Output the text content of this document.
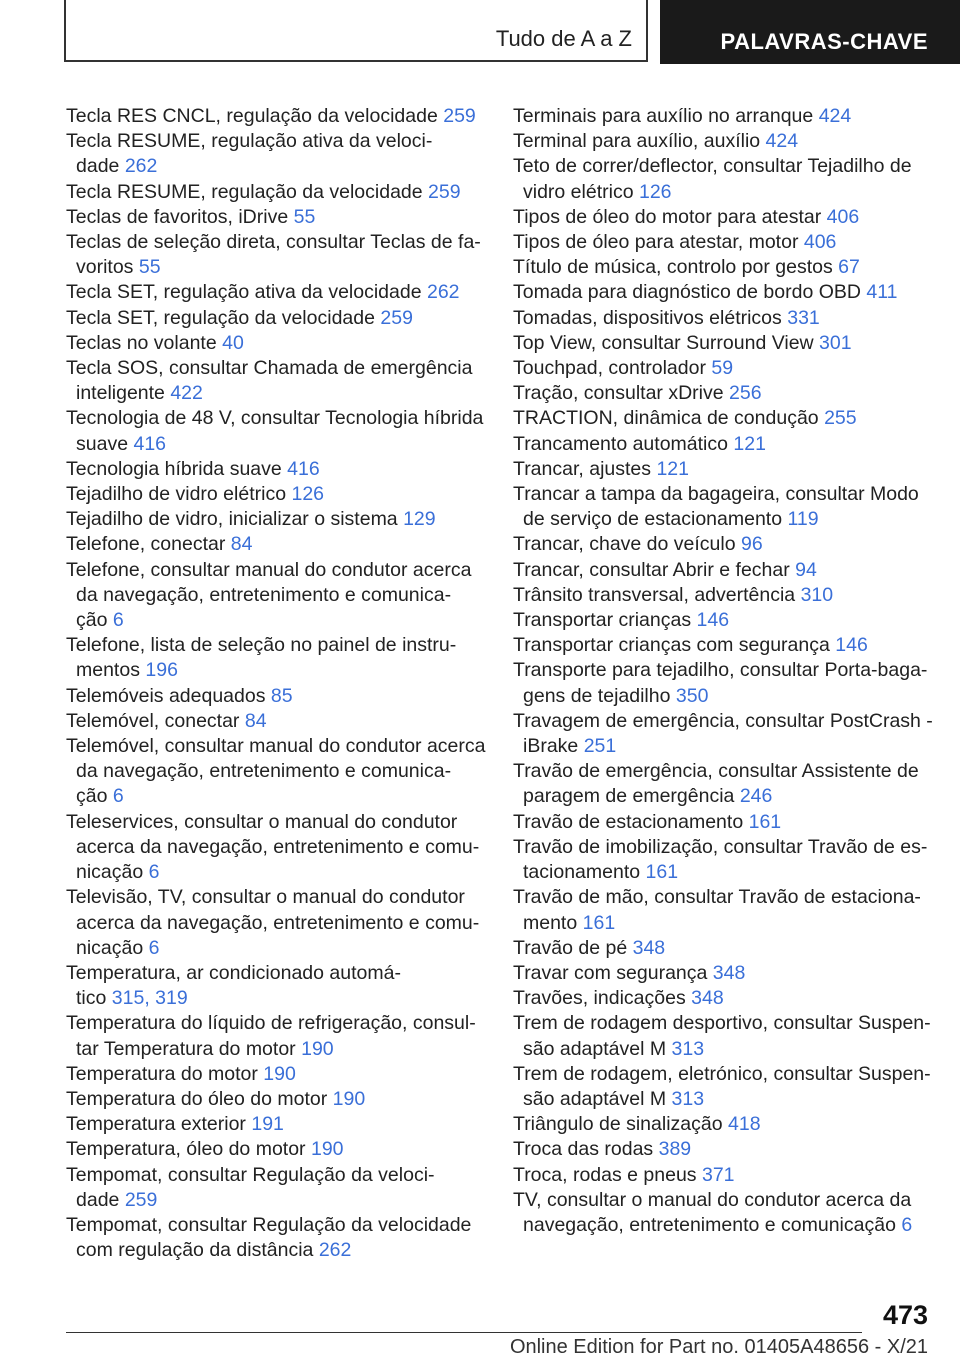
Tudo de A a Z	PALAVRAS-CHAVE

Tecla RES CNCL, regulação da velocidade 259

Tecla RESUME, regulação ativa da veloci-
dade 262

Tecla RESUME, regulação da velocidade 259

Teclas de favoritos, iDrive 55

Teclas de seleção direta, consultar Teclas de fa-
voritos 55

Tecla SET, regulação ativa da velocidade 262

Tecla SET, regulação da velocidade 259

Teclas no volante 40

Tecla SOS, consultar Chamada de emergência
inteligente 422

Tecnologia de 48 V, consultar Tecnologia híbrida
suave 416

Tecnologia híbrida suave 416

Tejadilho de vidro elétrico 126

Tejadilho de vidro, inicializar o sistema 129

Telefone, conectar 84

Telefone, consultar manual do condutor acerca
da navegação, entretenimento e comunica-
ção 6

Telefone, lista de seleção no painel de instru-
mentos 196

Telemóveis adequados 85

Telemóvel, conectar 84

Telemóvel, consultar manual do condutor acerca
da navegação, entretenimento e comunica-
ção 6

Teleservices, consultar o manual do condutor
acerca da navegação, entretenimento e comu-
nicação 6

Televisão, TV, consultar o manual do condutor
acerca da navegação, entretenimento e comu-
nicação 6

Temperatura, ar condicionado automá-
tico 315, 319

Temperatura do líquido de refrigeração, consul-
tar Temperatura do motor 190

Temperatura do motor 190

Temperatura do óleo do motor 190

Temperatura exterior 191

Temperatura, óleo do motor 190

Tempomat, consultar Regulação da veloci-
dade 259

Tempomat, consultar Regulação da velocidade
com regulação da distância 262

Terminais para auxílio no arranque 424

Terminal para auxílio, auxílio 424

Teto de correr/deflector, consultar Tejadilho de
vidro elétrico 126

Tipos de óleo do motor para atestar 406

Tipos de óleo para atestar, motor 406

Título de música, controlo por gestos 67

Tomada para diagnóstico de bordo OBD 411

Tomadas, dispositivos elétricos 331

Top View, consultar Surround View 301

Touchpad, controlador 59

Tração, consultar xDrive 256

TRACTION, dinâmica de condução 255

Trancamento automático 121

Trancar, ajustes 121

Trancar a tampa da bagageira, consultar Modo
de serviço de estacionamento 119

Trancar, chave do veículo 96

Trancar, consultar Abrir e fechar 94

Trânsito transversal, advertência 310

Transportar crianças 146

Transportar crianças com segurança 146

Transporte para tejadilho, consultar Porta-baga-
gens de tejadilho 350

Travagem de emergência, consultar PostCrash -
iBrake 251

Travão de emergência, consultar Assistente de
paragem de emergência 246

Travão de estacionamento 161

Travão de imobilização, consultar Travão de es-
tacionamento 161

Travão de mão, consultar Travão de estaciona-
mento 161

Travão de pé 348

Travar com segurança 348

Travões, indicações 348

Trem de rodagem desportivo, consultar Suspen-
são adaptável M 313

Trem de rodagem, eletrónico, consultar Suspen-
são adaptável M 313

Triângulo de sinalização 418

Troca das rodas 389

Troca, rodas e pneus 371

TV, consultar o manual do condutor acerca da
navegação, entretenimento e comunicação 6

473
Online Edition for Part no. 01405A48656 - X/21
